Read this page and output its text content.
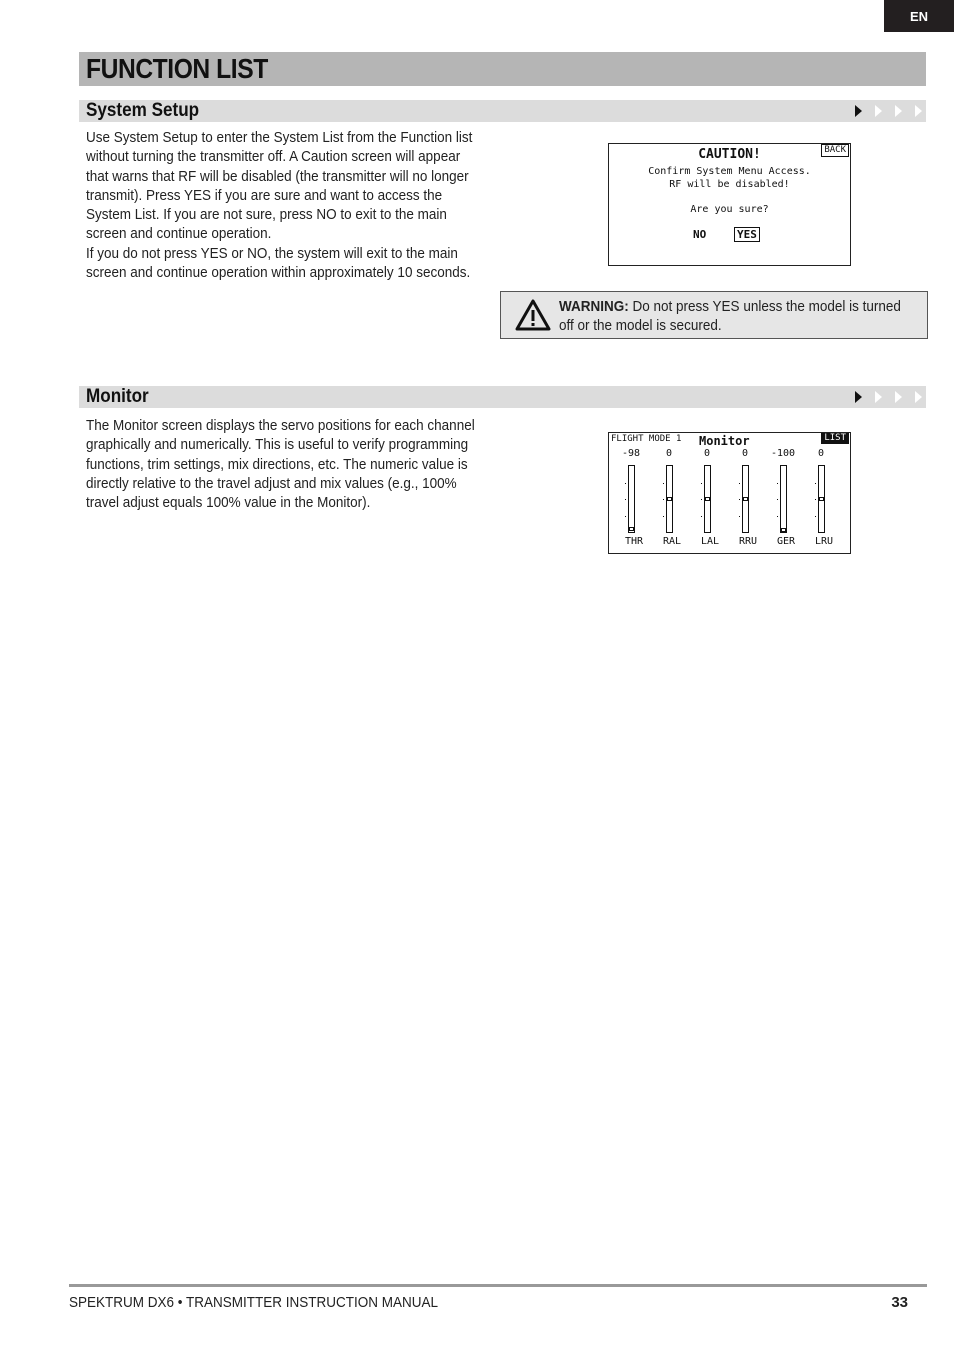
EN
FUNCTION LIST
System Setup

Use System Setup to enter the System List from the Function list without turning the transmitter off. A Caution screen will appear that warns that RF will be disabled (the transmitter will no longer transmit). Press YES if you are sure and want to access the System List. If you are not sure, press NO to exit to the main screen and continue operation.

If you do not press YES or NO, the system will exit to the main screen and continue operation within approximately 10 seconds.

CAUTION!	BACK
Confirm System Menu Access.
RF will be disabled!
Are you sure?
NO	YES
WARNING: Do not press YES unless the model is turned
off or the model is secured.
Monitor

The Monitor screen displays the servo positions for each channel graphically and numerically. This is useful to verify programming functions, trim settings, mix directions, etc. The numeric value is directly relative to the travel adjust and mix values (e.g., 100% travel adjust equals 100% value in the Monitor).

FLIGHT MODE 1 Monitor	LIST
-98	0	0	0	-100	0
THR	RAL	LAL	RRU	GER	LRU
SPEKTRUM DX6 • TRANSMITTER INSTRUCTION MANUAL	33
